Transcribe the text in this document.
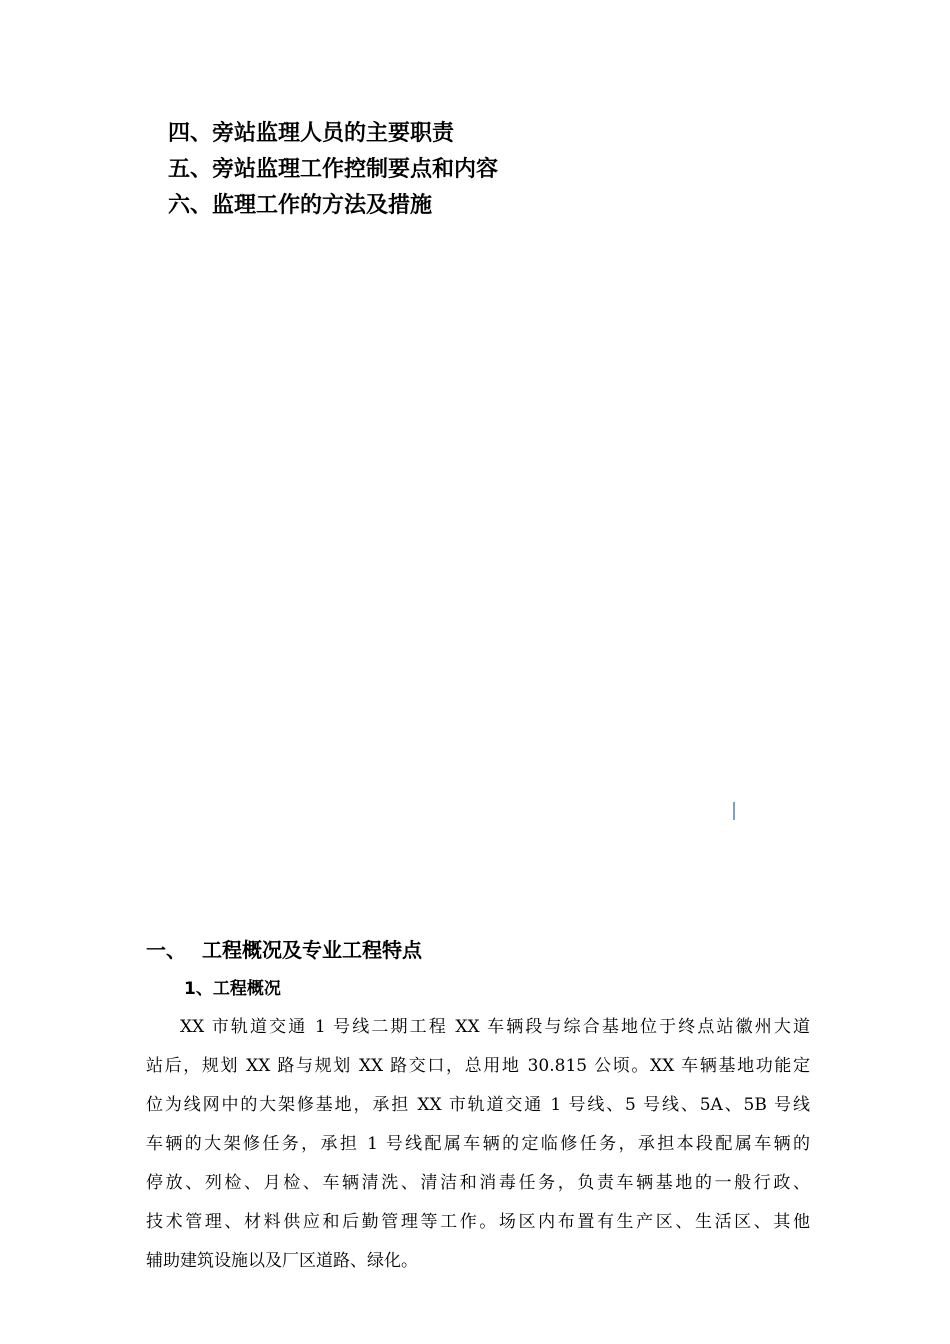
四、旁站监理人员的主要职责
五、旁站监理工作控制要点和内容
六、监理工作的方法及措施
一、 工程概况及专业工程特点
1、工程概况
XX 市轨道交通 1 号线二期工程 XX 车辆段与综合基地位于终点站徽州大道
站后，规划 XX 路与规划 XX 路交口，总用地 30.815 公顷。XX 车辆基地功能定
位为线网中的大架修基地，承担 XX 市轨道交通 1 号线、5 号线、5A、5B 号线
车辆的大架修任务，承担 1 号线配属车辆的定临修任务，承担本段配属车辆的
停放、列检、月检、车辆清洗、清洁和消毒任务，负责车辆基地的一般行政、
技术管理、材料供应和后勤管理等工作。场区内布置有生产区、生活区、其他
辅助建筑设施以及厂区道路、绿化。
